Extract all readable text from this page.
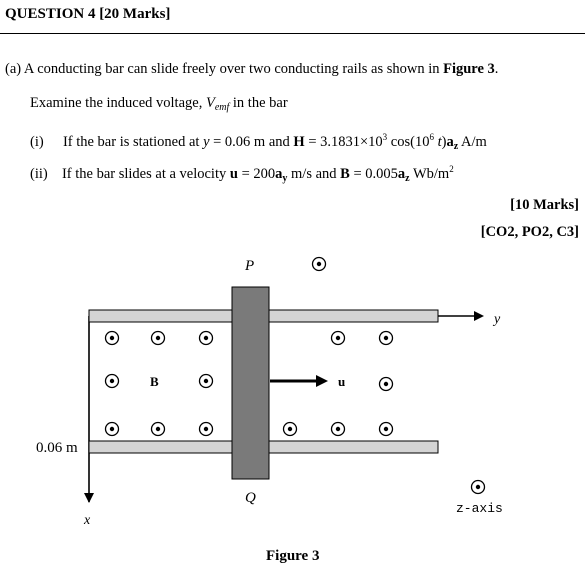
QUESTION 4 [20 Marks]
(a) A conducting bar can slide freely over two conducting rails as shown in Figure 3.
Examine the induced voltage, $V_{emf}$ in the bar
(i) If the bar is stationed at y = 0.06 m and $H = 3.1831\times 10^3$ $\cos(10^6$ $t)a_z$ A/m
(ii) If the bar slides at a velocity $u = 200a_y$ m/s and $B = 0.005a_z$ $Wb/m^2$
[10 Marks]
[CO2, PO2, C3]
P
Q
B	u
y
x
0.06 m
z-axis
Figure 3
